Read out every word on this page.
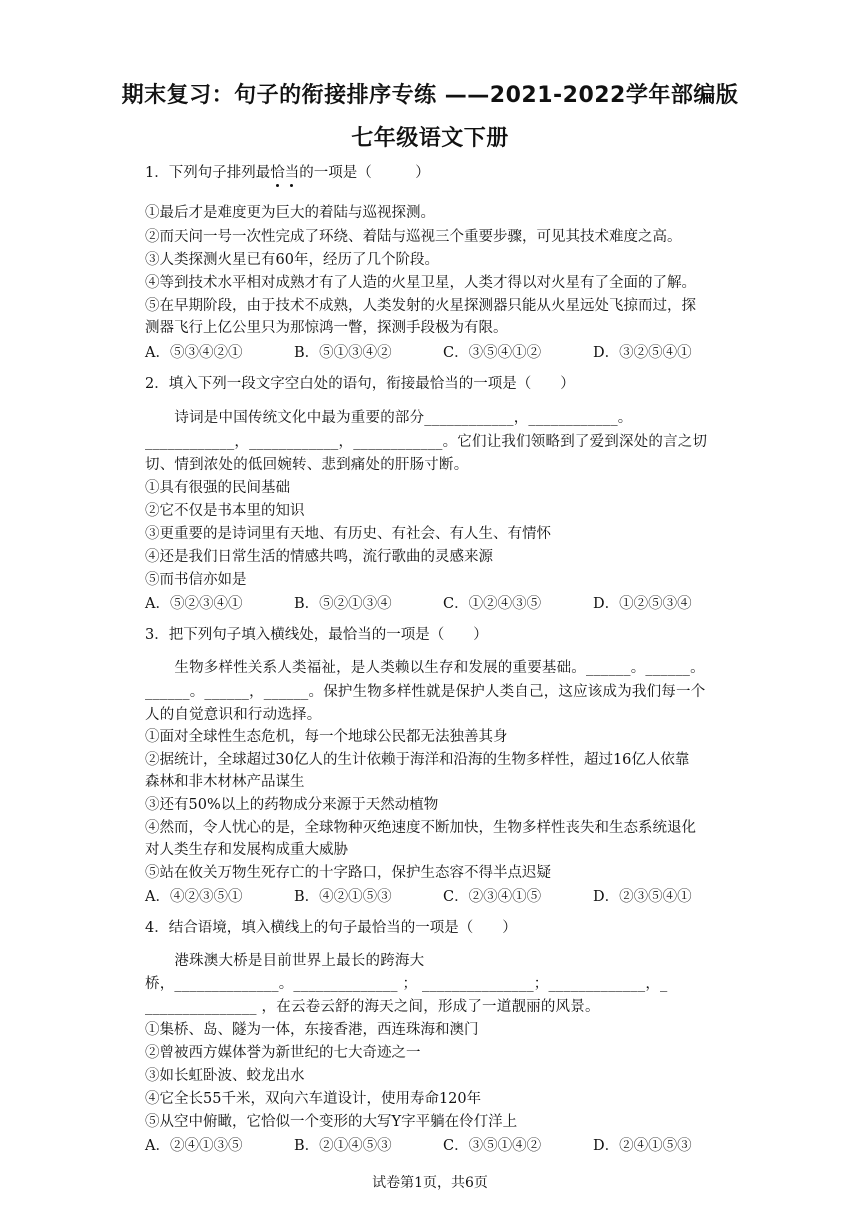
期末复习：句子的衔接排序专练 ——2021-2022学年部编版
七年级语文下册
1．下列句子排列最恰
当
的一项是（　　　）
①最后才是难度更为巨大的着陆与巡视探测。
②而天问一号一次性完成了环绕、着陆与巡视三个重要步骤，可见其技术难度之高。
③人类探测火星已有60年，经历了几个阶段。
④等到技术水平相对成熟才有了人造的火星卫星，人类才得以对火星有了全面的了解。
⑤在早期阶段，由于技术不成熟，人类发射的火星探测器只能从火星远处飞掠而过，探
测器飞行上亿公里只为那惊鸿一瞥，探测手段极为有限。
A．⑤③④②①	B．⑤①③④②	C．③⑤④①②	D．③②⑤④①
2．填入下列一段文字空白处的语句，衔接最恰当的一项是（　　）
　　诗词是中国传统文化中最为重要的部分____________，____________。
____________，____________，____________。它们让我们领略到了爱到深处的言之切
切、情到浓处的低回婉转、悲到痛处的肝肠寸断。
①具有很强的民间基础
②它不仅是书本里的知识
③更重要的是诗词里有天地、有历史、有社会、有人生、有情怀
④还是我们日常生活的情感共鸣，流行歌曲的灵感来源
⑤而书信亦如是
A．⑤②③④①	B．⑤②①③④	C．①②④③⑤	D．①②⑤③④
3．把下列句子填入横线处，最恰当的一项是（　　）
　　生物多样性关系人类福祉，是人类赖以生存和发展的重要基础。______。______。
______。______，______。保护生物多样性就是保护人类自己，这应该成为我们每一个
人的自觉意识和行动选择。
①面对全球性生态危机，每一个地球公民都无法独善其身
②据统计，全球超过30亿人的生计依赖于海洋和沿海的生物多样性，超过16亿人依靠
森林和非木材林产品谋生
③还有50%以上的药物成分来源于天然动植物
④然而，令人忧心的是，全球物种灭绝速度不断加快，生物多样性丧失和生态系统退化
对人类生存和发展构成重大威胁
⑤站在攸关万物生死存亡的十字路口，保护生态容不得半点迟疑
A．④②③⑤①	B．④②①⑤③	C．②③④①⑤	D．②③⑤④①
4．结合语境，填入横线上的句子最恰当的一项是（　　）
　　港珠澳大桥是目前世界上最长的跨海大
桥，______________。______________ ； _______________；_____________，_
_______________ ，在云卷云舒的海天之间，形成了一道靓丽的风景。
①集桥、岛、隧为一体，东接香港，西连珠海和澳门
②曾被西方媒体誉为新世纪的七大奇迹之一
③如长虹卧波、蛟龙出水
④它全长55千米，双向六车道设计，使用寿命120年
⑤从空中俯瞰，它恰似一个变形的大写Y字平躺在伶仃洋上
A．②④①③⑤	B．②①④⑤③	C．③⑤①④②	D．②④①⑤③
试卷第1页，共6页
